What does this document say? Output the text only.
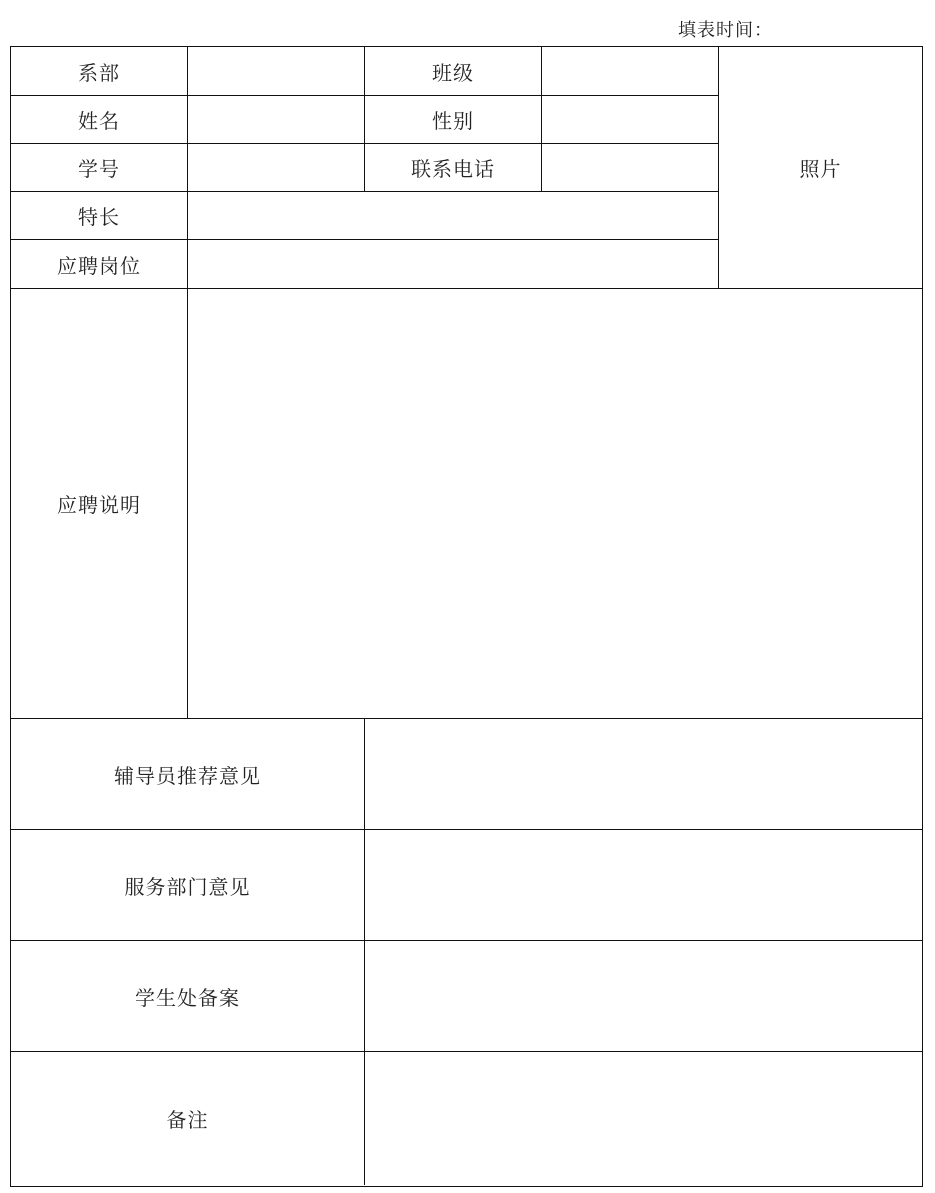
填表时间：
系部	班级
照片
姓名	性别
学号	联系电话
特长
应聘岗位
应聘说明
辅导员推荐意见
服务部门意见
学生处备案
备注
